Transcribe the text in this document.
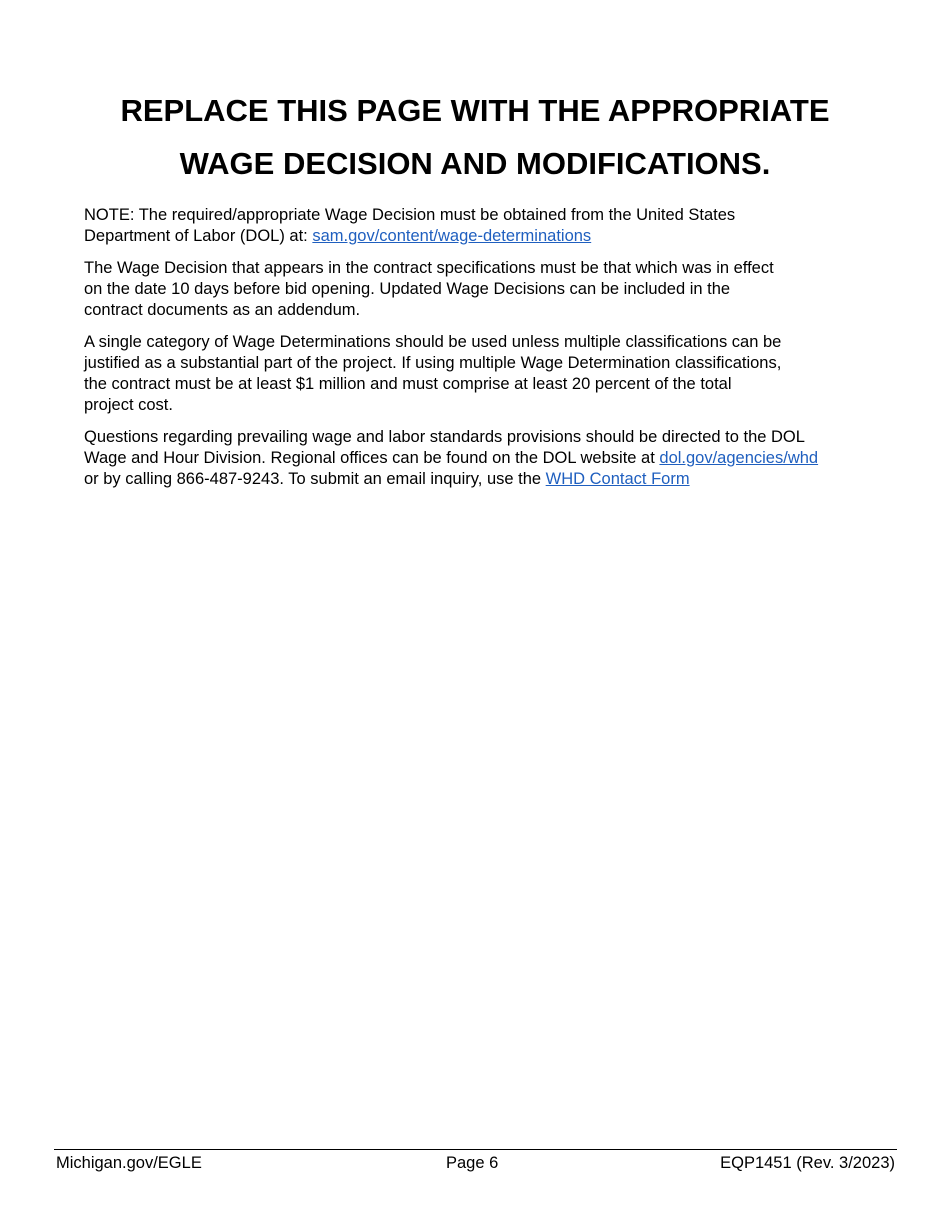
REPLACE THIS PAGE WITH THE APPROPRIATE
WAGE DECISION AND MODIFICATIONS.

NOTE: The required/appropriate Wage Decision must be obtained from the United States
Department of Labor (DOL) at: sam.gov/content/wage-determinations

The Wage Decision that appears in the contract specifications must be that which was in effect
on the date 10 days before bid opening. Updated Wage Decisions can be included in the
contract documents as an addendum.

A single category of Wage Determinations should be used unless multiple classifications can be
justified as a substantial part of the project. If using multiple Wage Determination classifications,
the contract must be at least $1 million and must comprise at least 20 percent of the total
project cost.

Questions regarding prevailing wage and labor standards provisions should be directed to the DOL
Wage and Hour Division. Regional offices can be found on the DOL website at dol.gov/agencies/whd
or by calling 866-487-9243. To submit an email inquiry, use the WHD Contact Form

Michigan.gov/EGLE	Page 6	EQP1451 (Rev. 3/2023)
